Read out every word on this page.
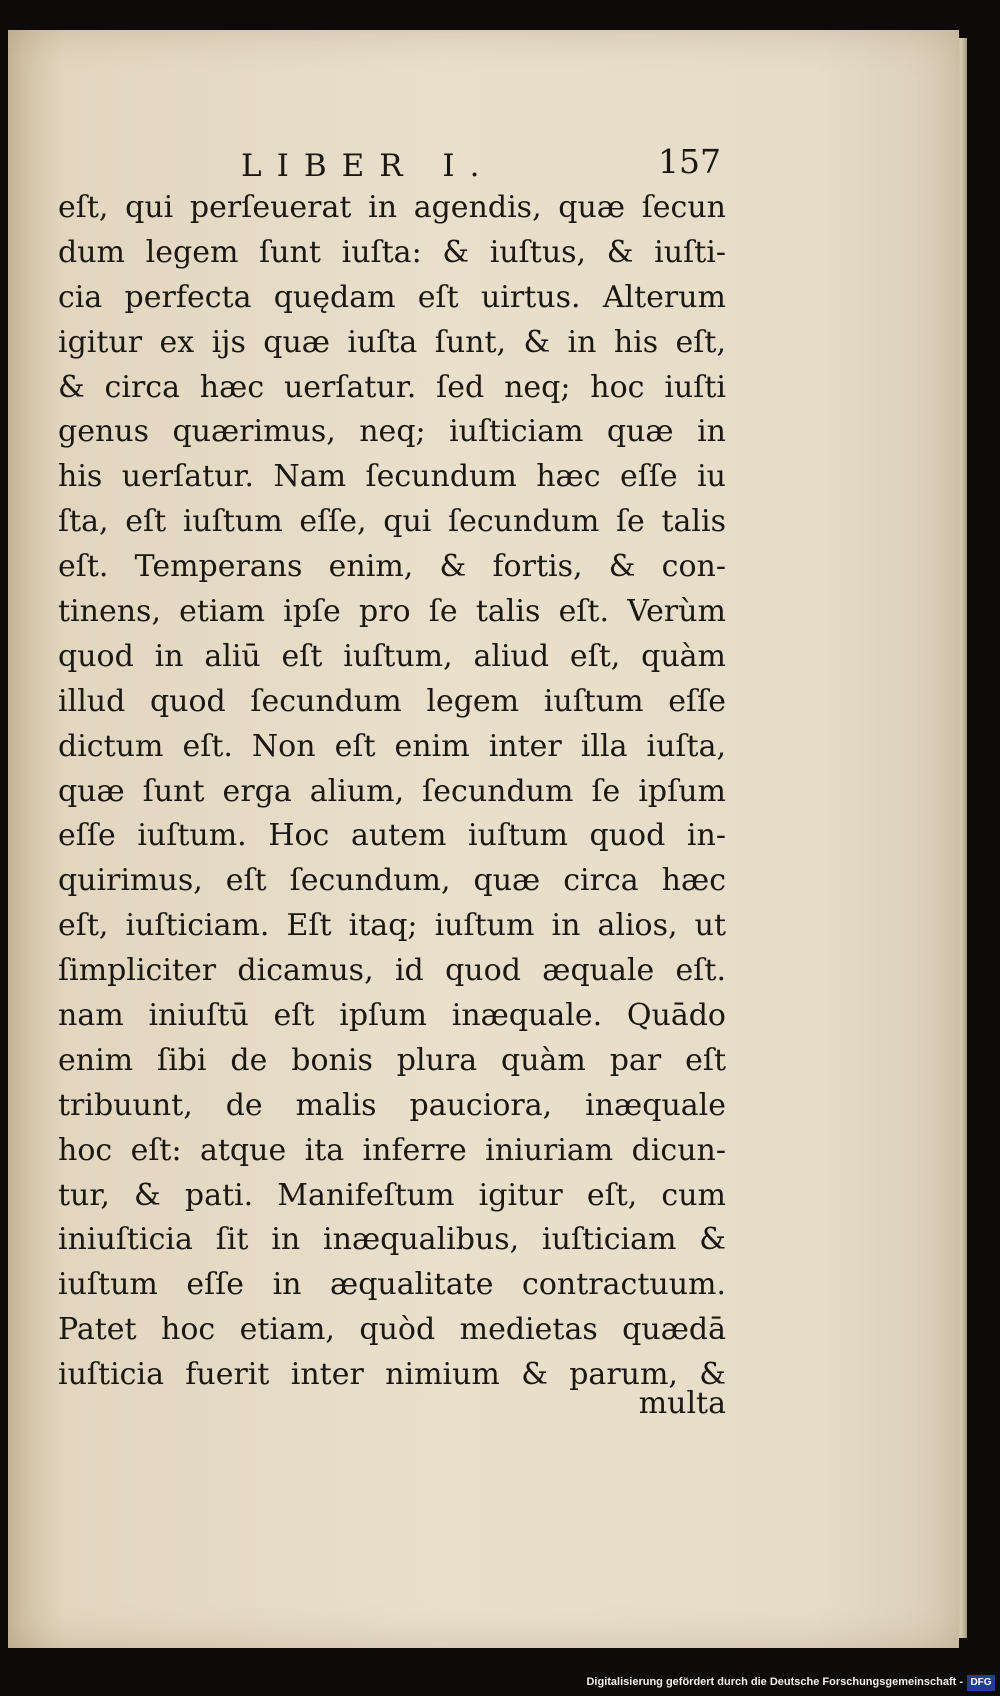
LIBER I.	157
eſt, qui perſeuerat in agendis, quæ ſecun
dum legem ſunt iuſta: & iuſtus, & iuſti-
cia perfecta quędam eſt uirtus. Alterum
igitur ex ijs quæ iuſta ſunt, & in his eſt,
& circa hæc uerſatur. ſed neq; hoc iuſti
genus quærimus, neq; iuſticiam quæ in
his uerſatur. Nam ſecundum hæc eſſe iu
ſta, eſt iuſtum eſſe, qui ſecundum ſe talis
eſt. Temperans enim, & fortis, & con-
tinens, etiam ipſe pro ſe talis eſt. Verùm
quod in aliū eſt iuſtum, aliud eſt, quàm
illud quod ſecundum legem iuſtum eſſe
dictum eſt. Non eſt enim inter illa iuſta,
quæ ſunt erga alium, ſecundum ſe ipſum
eſſe iuſtum. Hoc autem iuſtum quod in-
quirimus, eſt ſecundum, quæ circa hæc
eſt, iuſticiam. Eſt itaq; iuſtum in alios, ut
ſimpliciter dicamus, id quod æquale eſt.
nam iniuſtū eſt ipſum inæquale. Quādo
enim ſibi de bonis plura quàm par eſt
tribuunt, de malis pauciora, inæquale
hoc eſt: atque ita inferre iniuriam dicun-
tur, & pati. Manifeſtum igitur eſt, cum
iniuſticia ſit in inæqualibus, iuſticiam &
iuſtum eſſe in æqualitate contractuum.
Patet hoc etiam, quòd medietas quædā
iuſticia fuerit inter nimium & parum, &
multa
Digitalisierung gefördert durch die Deutsche Forschungsgemeinschaft - DFG
